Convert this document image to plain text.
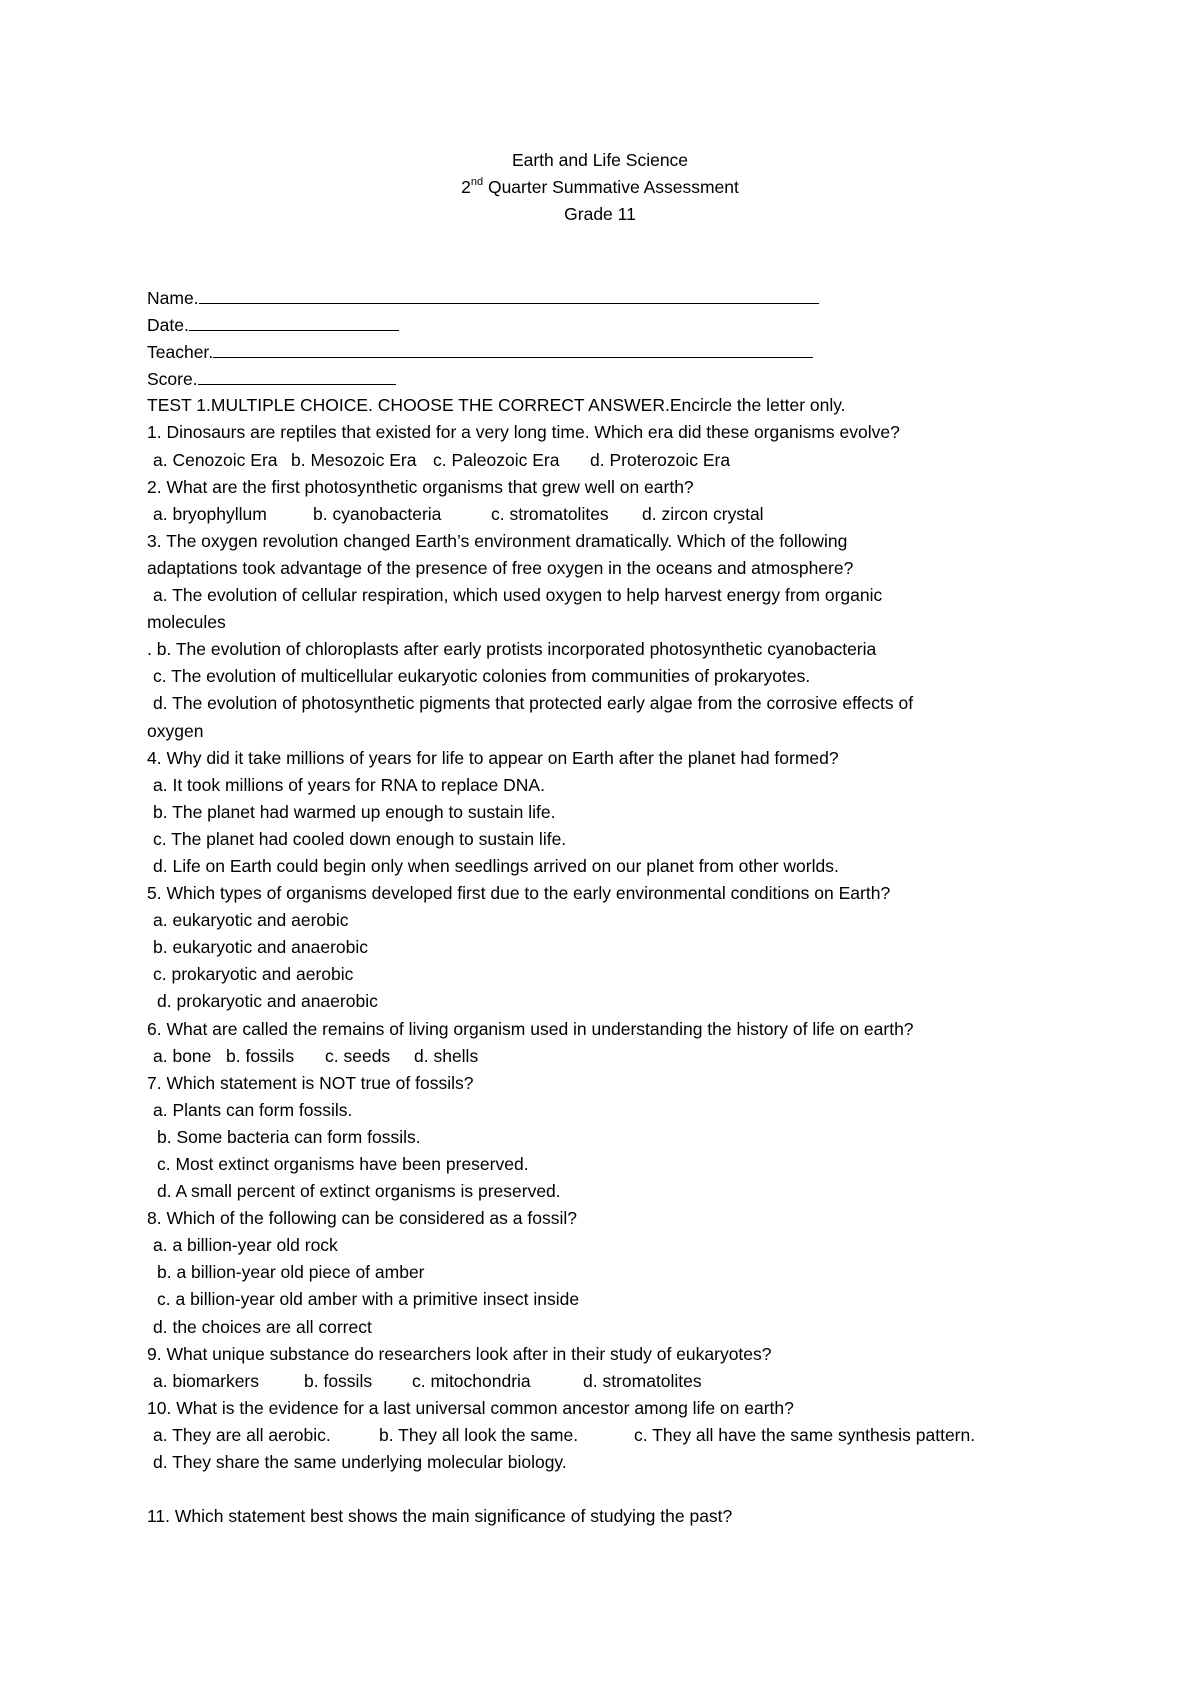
Earth and Life Science
2nd Quarter Summative Assessment
Grade 11
Name.
Date.
Teacher.
Score.
TEST 1.MULTIPLE CHOICE. CHOOSE THE CORRECT ANSWER.Encircle the letter only.
1. Dinosaurs are reptiles that existed for a very long time. Which era did these organisms evolve?
a. Cenozoic Era b. Mesozoic Era c. Paleozoic Era d. Proterozoic Era
2. What are the first photosynthetic organisms that grew well on earth?
a. bryophyllum	b. cyanobacteria	c. stromatolites d. zircon crystal
3. The oxygen revolution changed Earth’s environment dramatically. Which of the following
adaptations took advantage of the presence of free oxygen in the oceans and atmosphere?
a. The evolution of cellular respiration, which used oxygen to help harvest energy from organic
molecules
. b. The evolution of chloroplasts after early protists incorporated photosynthetic cyanobacteria
c. The evolution of multicellular eukaryotic colonies from communities of prokaryotes.
d. The evolution of photosynthetic pigments that protected early algae from the corrosive effects of
oxygen
4. Why did it take millions of years for life to appear on Earth after the planet had formed?
a. It took millions of years for RNA to replace DNA.
b. The planet had warmed up enough to sustain life.
c. The planet had cooled down enough to sustain life.
d. Life on Earth could begin only when seedlings arrived on our planet from other worlds.
5. Which types of organisms developed first due to the early environmental conditions on Earth?
a. eukaryotic and aerobic
b. eukaryotic and anaerobic
c. prokaryotic and aerobic
d. prokaryotic and anaerobic
6. What are called the remains of living organism used in understanding the history of life on earth?
a. bone b. fossils c. seeds d. shells
7. Which statement is NOT true of fossils?
a. Plants can form fossils.
b. Some bacteria can form fossils.
c. Most extinct organisms have been preserved.
d. A small percent of extinct organisms is preserved.
8. Which of the following can be considered as a fossil?
a. a billion-year old rock
b. a billion-year old piece of amber
c. a billion-year old amber with a primitive insect inside
d. the choices are all correct
9. What unique substance do researchers look after in their study of eukaryotes?
a. biomarkers	b. fossils c. mitochondria	d. stromatolites
10. What is the evidence for a last universal common ancestor among life on earth?
a. They are all aerobic.	b. They all look the same.	c. They all have the same synthesis pattern.
d. They share the same underlying molecular biology.
11. Which statement best shows the main significance of studying the past?
